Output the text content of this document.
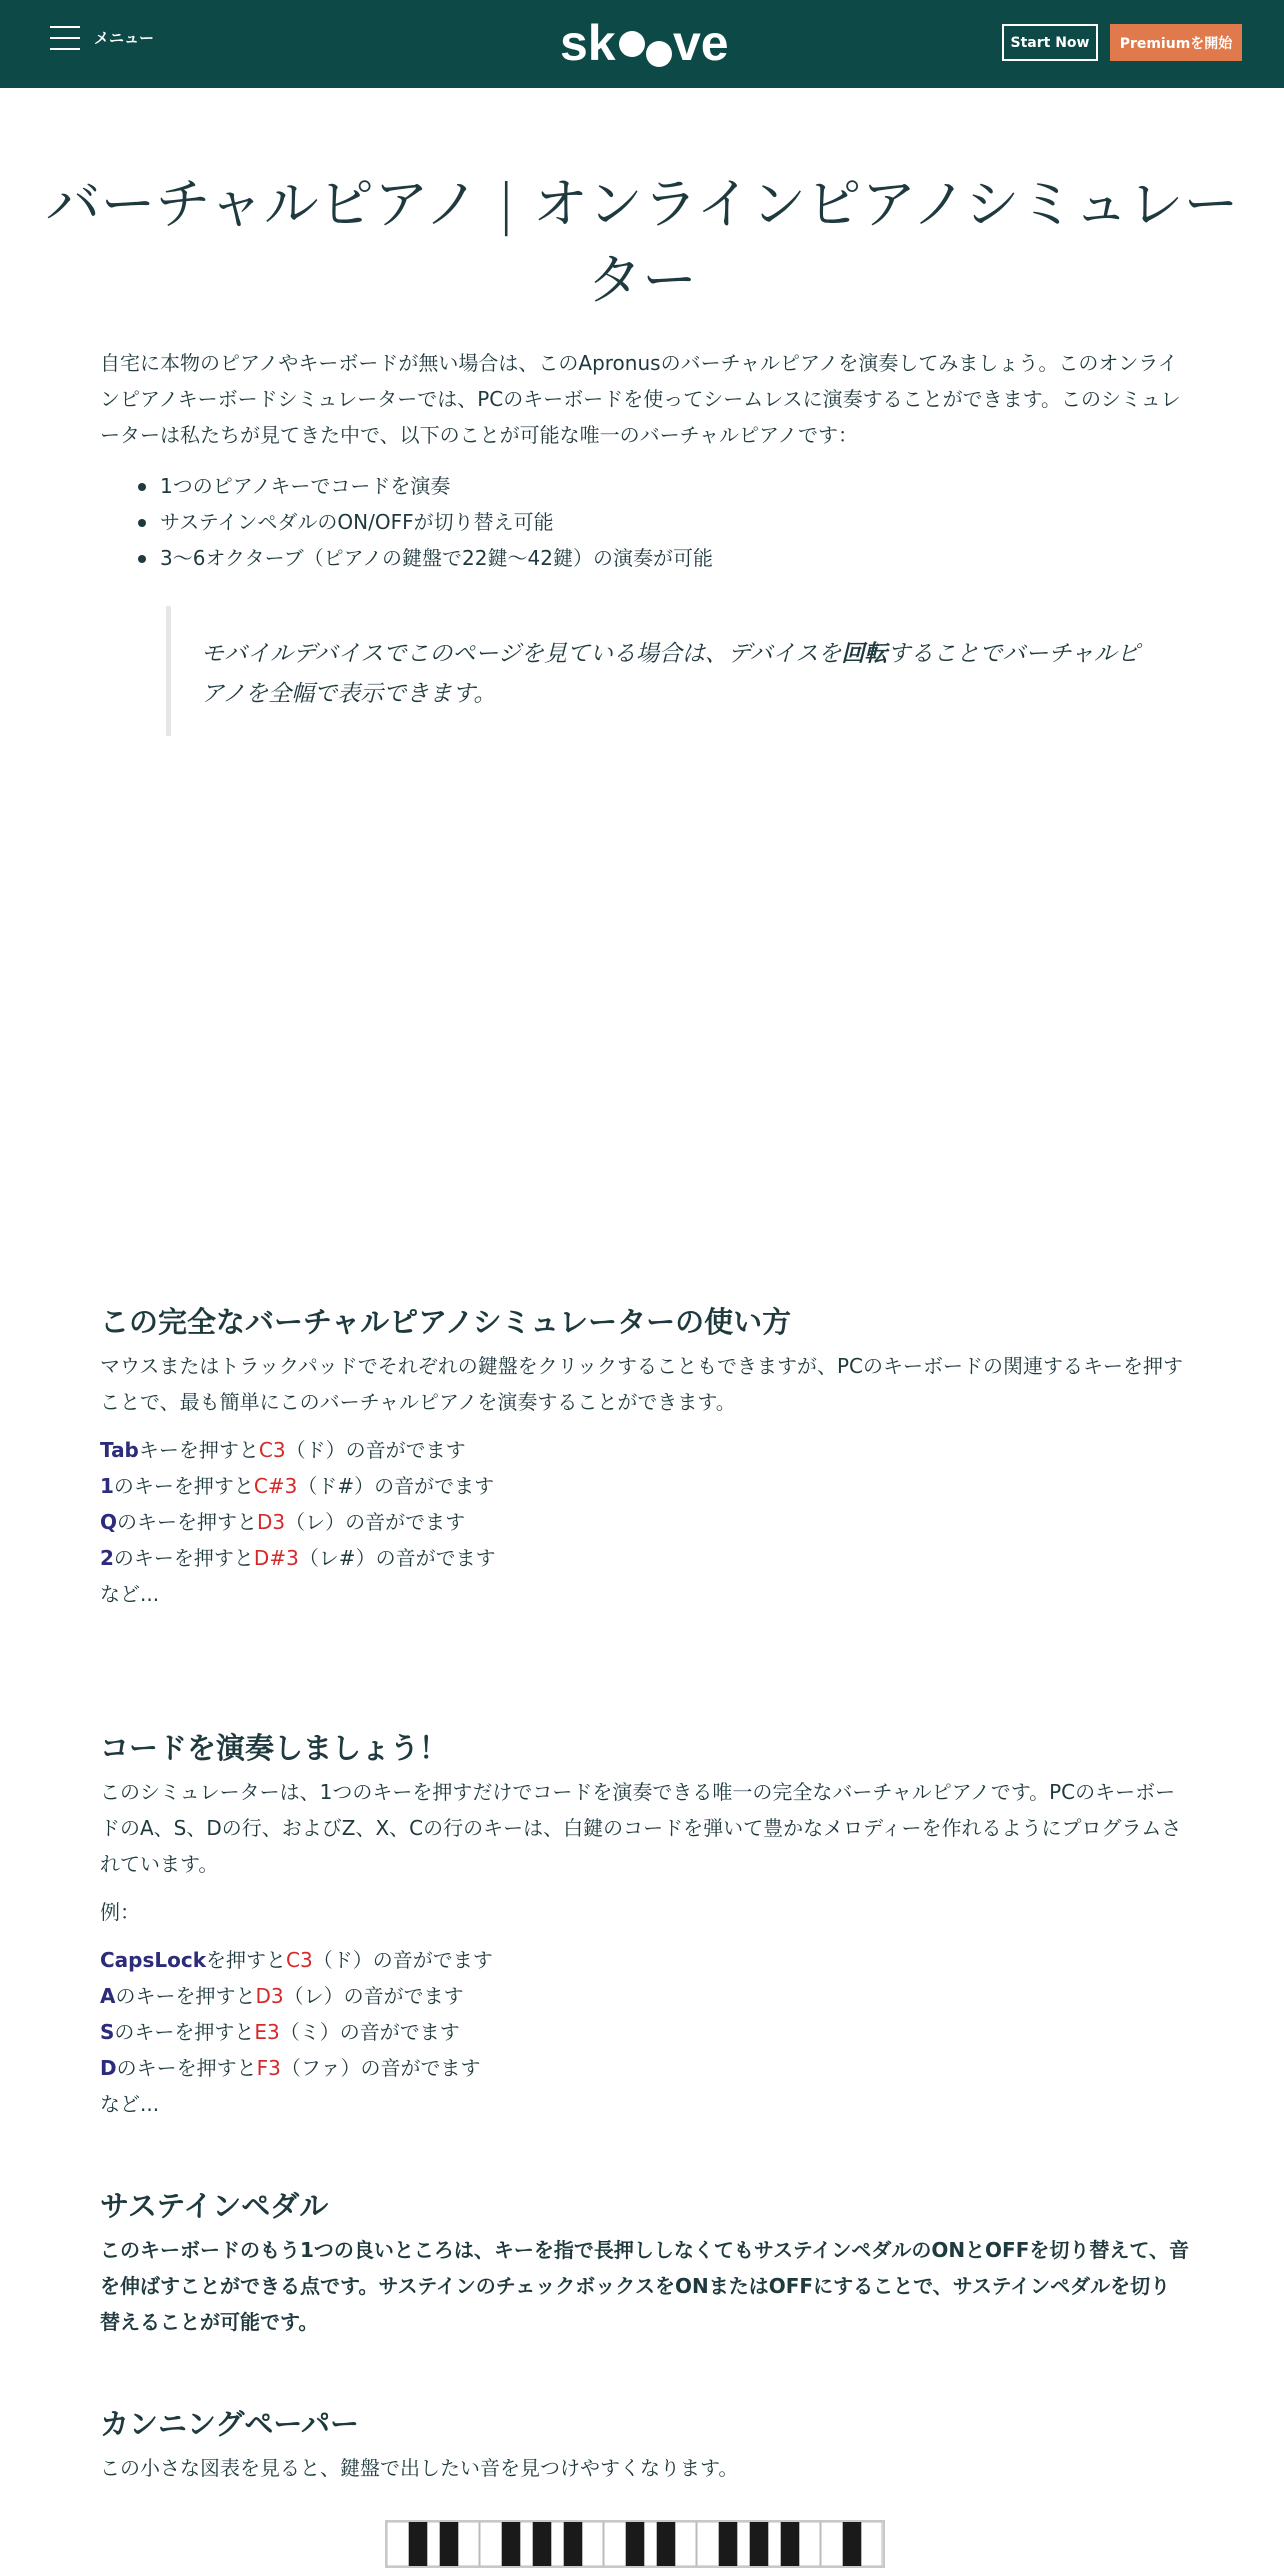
メニュー	sk ve	Start Now	Premiumを開始
バーチャルピアノ | オンラインピアノシミュレーター

自宅に本物のピアノやキーボードが無い場合は、このApronusのバーチャルピアノを演奏してみましょう。このオンラインピアノキーボードシミュレーターでは、PCのキーボードを使ってシームレスに演奏することができます。このシミュレーターは私たちが見てきた中で、以下のことが可能な唯一のバーチャルピアノです：

1つのピアノキーでコードを演奏
サステインペダルのON/OFFが切り替え可能
3～6オクターブ（ピアノの鍵盤で22鍵～42鍵）の演奏が可能

モバイルデバイスでこのページを見ている場合は、デバイスを回転することでバーチャルピアノを全幅で表示できます。

この完全なバーチャルピアノシミュレーターの使い方

マウスまたはトラックパッドでそれぞれの鍵盤をクリックすることもできますが、PCのキーボードの関連するキーを押すことで、最も簡単にこのバーチャルピアノを演奏することができます。

Tabキーを押すとC3（ド）の音がでます
1のキーを押すとC#3（ド#）の音がでます
Qのキーを押すとD3（レ）の音がでます
2のキーを押すとD#3（レ#）の音がでます
など...
コードを演奏しましょう！

このシミュレーターは、1つのキーを押すだけでコードを演奏できる唯一の完全なバーチャルピアノです。PCのキーボードのA、S、Dの行、およびZ、X、Cの行のキーは、白鍵のコードを弾いて豊かなメロディーを作れるようにプログラムされています。

例：

CapsLockを押すとC3（ド）の音がでます
Aのキーを押すとD3（レ）の音がでます
Sのキーを押すとE3（ミ）の音がでます
Dのキーを押すとF3（ファ）の音がでます
など...
サステインペダル

このキーボードのもう1つの良いところは、キーを指で長押ししなくてもサステインペダルのONとOFFを切り替えて、音を伸ばすことができる点です。サステインのチェックボックスをONまたはOFFにすることで、サステインペダルを切り替えることが可能です。

カンニングペーパー

この小さな図表を見ると、鍵盤で出したい音を見つけやすくなります。
